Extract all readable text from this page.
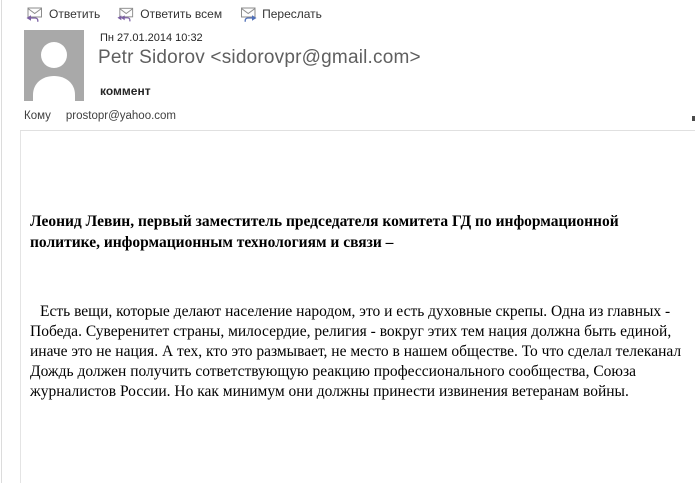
Ответить	Ответить всем	Переслать
Пн 27.01.2014 10:32
Petr Sidorov <sidorovpr@gmail.com>
коммент
Кому prostopr@yahoo.com

Леонид Левин, первый заместитель председателя комитета ГД по информационной политике, информационным технологиям и связи –

Есть вещи, которые делают население народом, это и есть духовные скрепы. Одна из главных - Победа. Суверенитет страны, милосердие, религия - вокруг этих тем нация должна быть единой, иначе это не нация. А тех, кто это размывает, не место в нашем обществе. То что сделал телеканал Дождь должен получить сответствующую реакцию профессионального сообщества, Союза журналистов России. Но как минимум они должны принести извинения ветеранам войны.
